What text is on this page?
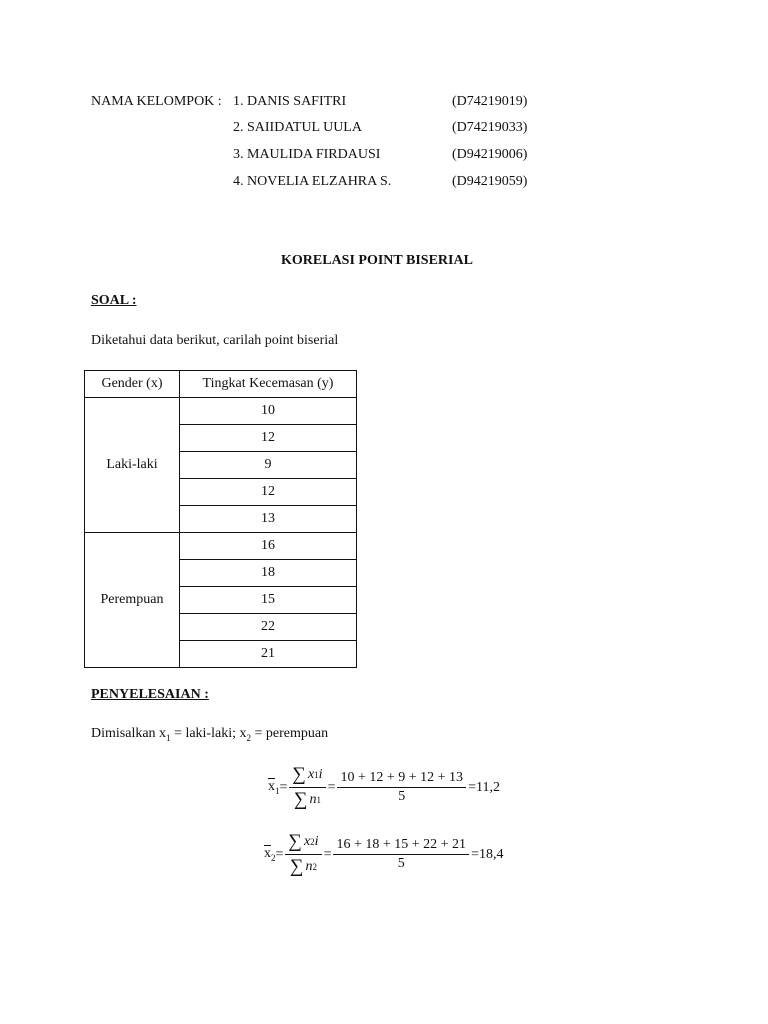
NAMA KELOMPOK : 1. DANIS SAFITRI	(D74219019)
2. SAIIDATUL UULA	(D74219033)
3. MAULIDA FIRDAUSI	(D94219006)
4. NOVELIA ELZAHRA S.	(D94219059)
KORELASI POINT BISERIAL
SOAL :
Diketahui data berikut, carilah point biserial
Gender (x)	Tingkat Kecemasan (y)
Laki-laki	10
	12
	9
	12
	13
Perempuan	16
	18
	15
	22
	21
PENYELESAIAN :
Dimisalkan $x_1$ = laki-laki; $x_2$ = perempuan
$\overline{x}_1 = \frac{\sum x 1 i}{\sum n 1} = \frac{10 + 12 + 9 + 12 + 13}{5} = 11,2$
$\overline{x}_2 = \frac{\sum x 2 i}{\sum n 2} = \frac{16 + 18 + 15 + 22 + 21}{5} = 18,4$
